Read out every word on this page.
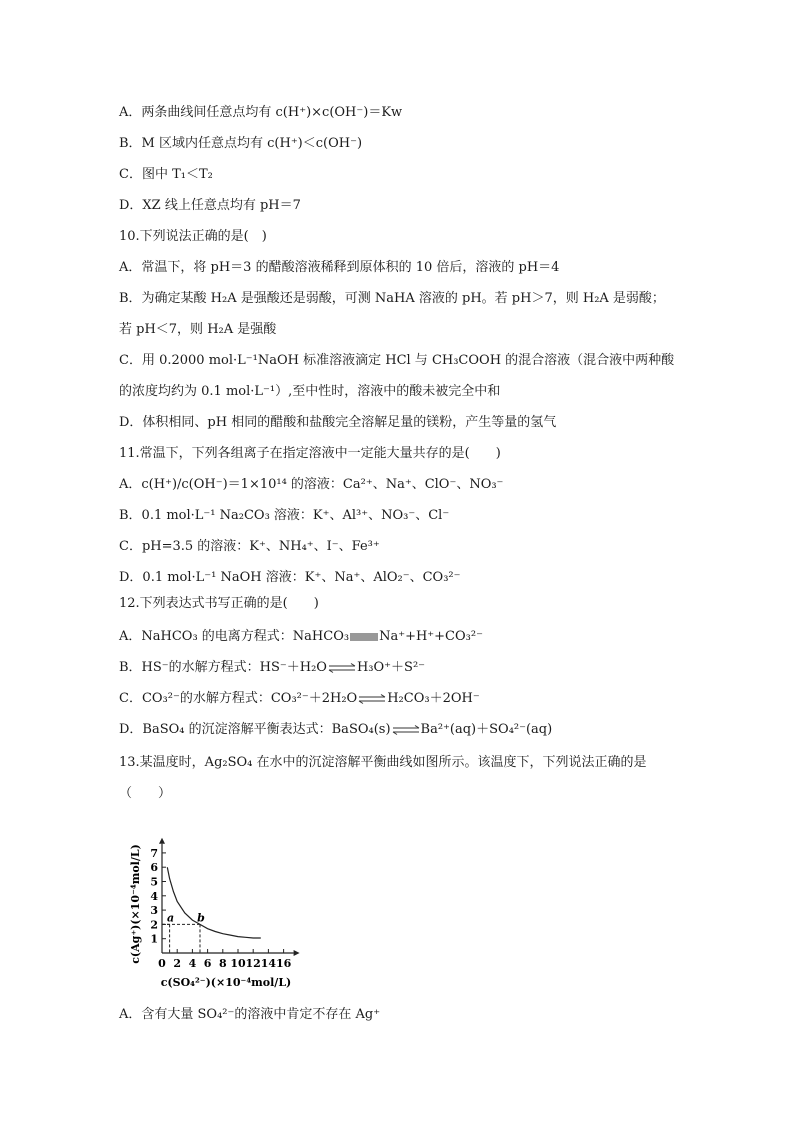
A．两条曲线间任意点均有 c(H⁺)×c(OH⁻)＝Kw
B．M 区域内任意点均有 c(H⁺)＜c(OH⁻)
C．图中 T₁＜T₂
D．XZ 线上任意点均有 pH＝7
10.下列说法正确的是(　)
A．常温下，将 pH＝3 的醋酸溶液稀释到原体积的 10 倍后，溶液的 pH＝4
B．为确定某酸 H₂A 是强酸还是弱酸，可测 NaHA 溶液的 pH。若 pH＞7，则 H₂A 是弱酸；
若 pH＜7，则 H₂A 是强酸
C．用 0.2000 mol·L⁻¹NaOH 标准溶液滴定 HCl 与 CH₃COOH 的混合溶液（混合液中两种酸
的浓度均约为 0.1 mol·L⁻¹）,至中性时，溶液中的酸未被完全中和
D．体积相同、pH 相同的醋酸和盐酸完全溶解足量的镁粉，产生等量的氢气
11.常温下，下列各组离子在指定溶液中一定能大量共存的是(　　)
A．c(H⁺)/c(OH⁻)＝1×10¹⁴ 的溶液：Ca²⁺、Na⁺、ClO⁻、NO₃⁻
B．0.1 mol·L⁻¹ Na₂CO₃ 溶液：K⁺、Al³⁺、NO₃⁻、Cl⁻
C．pH=3.5 的溶液：K⁺、NH₄⁺、I⁻、Fe³⁺
D．0.1 mol·L⁻¹ NaOH 溶液：K⁺、Na⁺、AlO₂⁻、CO₃²⁻
12.下列表达式书写正确的是(　　)
A．NaHCO₃ 的电离方程式：NaHCO₃ Na⁺+H⁺+CO₃²⁻
B．HS⁻的水解方程式：HS⁻＋H₂O⇌H₃O⁺＋S²⁻
C．CO₃²⁻的水解方程式：CO₃²⁻＋2H₂O⇌H₂CO₃＋2OH⁻
D．BaSO₄ 的沉淀溶解平衡表达式：BaSO₄(s)⇌Ba²⁺(aq)＋SO₄²⁻(aq)
13.某温度时，Ag₂SO₄ 在水中的沉淀溶解平衡曲线如图所示。该温度下，下列说法正确的是
（　　）
1
2
3
4
5
6
7
0 2 4 6 8 10 12 14 16
a b
c(Ag⁺)(×10⁻⁴mol/L)
c(SO₄²⁻)(×10⁻⁴mol/L)
A．含有大量 SO₄²⁻的溶液中肯定不存在 Ag⁺
